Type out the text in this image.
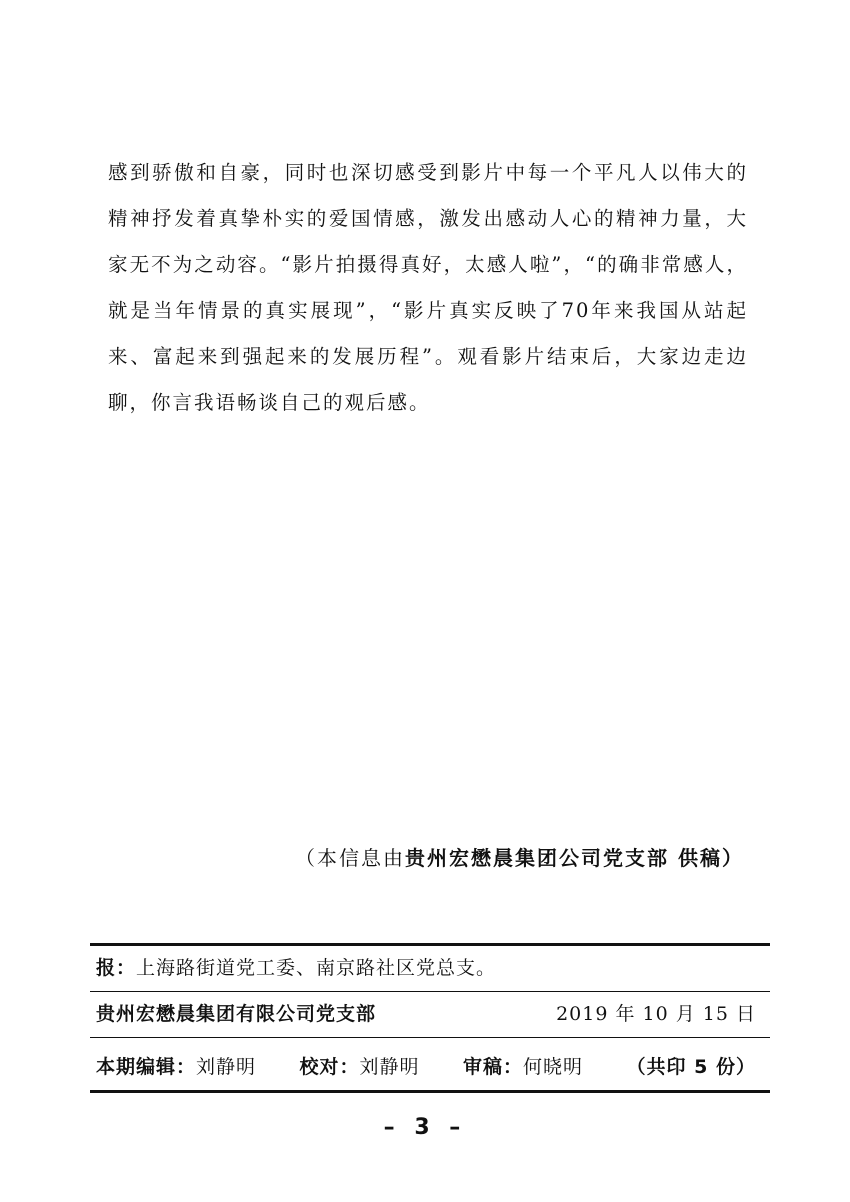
感到骄傲和自豪，同时也深切感受到影片中每一个平凡人以伟大的精神抒发着真挚朴实的爱国情感，激发出感动人心的精神力量，大家无不为之动容。“影片拍摄得真好，太感人啦”，“的确非常感人，就是当年情景的真实展现”，“影片真实反映了70年来我国从站起来、富起来到强起来的发展历程”。观看影片结束后，大家边走边聊，你言我语畅谈自己的观后感。

（本信息由贵州宏懋晨集团公司党支部 供稿）
报：上海路街道党工委、南京路社区党总支。
贵州宏懋晨集团有限公司党支部	2019 年 10 月 15 日
本期编辑：刘静明 校对：刘静明 审稿：何晓明 （共印 5 份）
– 3 –
